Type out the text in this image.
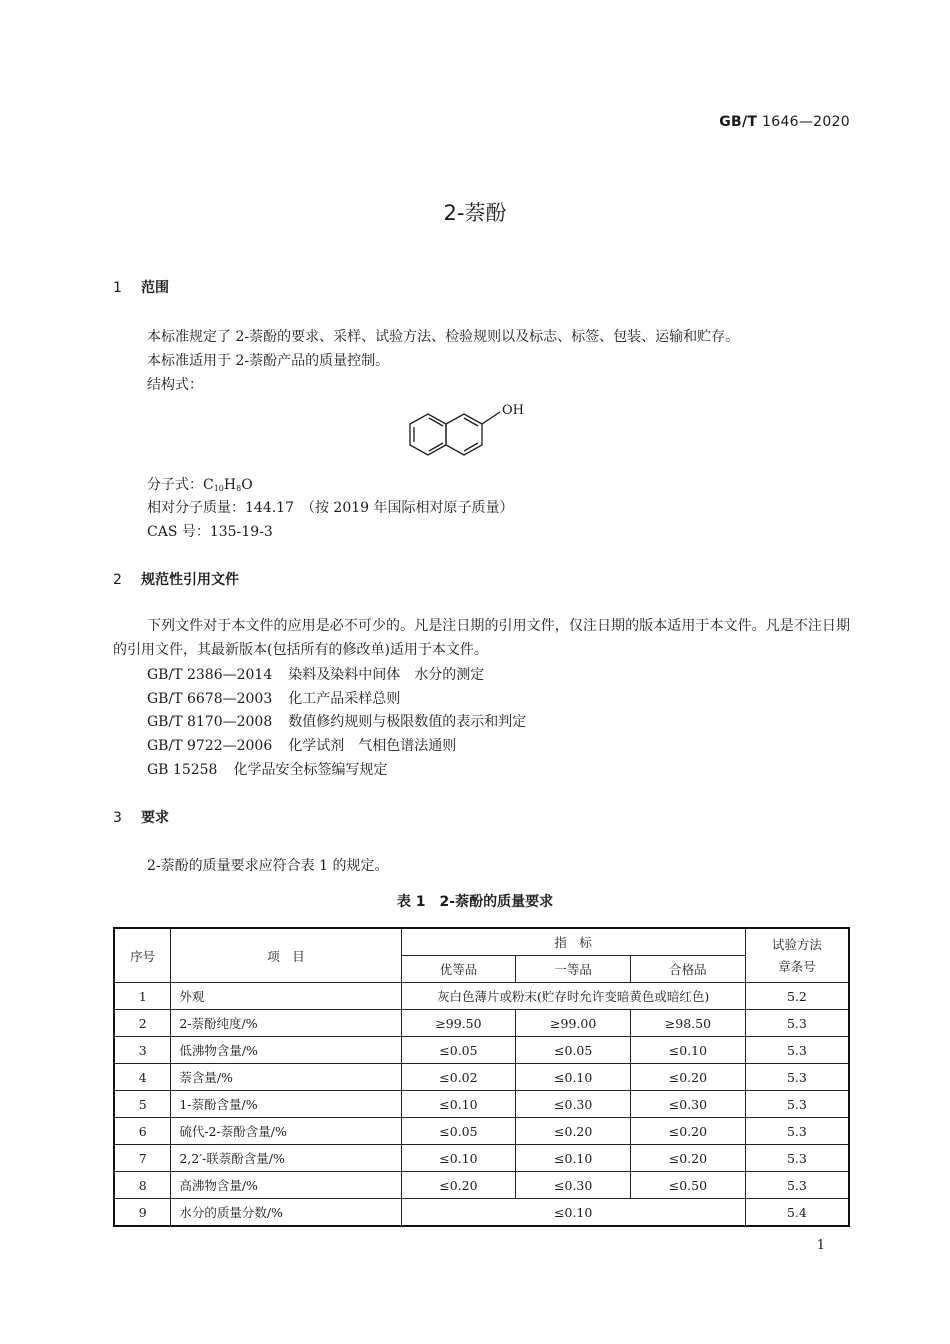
GB/T 1646—2020
2-萘酚
1 范围
本标准规定了 2-萘酚的要求、采样、试验方法、检验规则以及标志、标签、包装、运输和贮存。
本标准适用于 2-萘酚产品的质量控制。
结构式：
OH
分子式：$C_{10}H_8O$
相对分子质量：144.17　（按 2019 年国际相对原子质量）
CAS 号：135-19-3
2 规范性引用文件
下列文件对于本文件的应用是必不可少的。凡是注日期的引用文件，仅注日期的版本适用于本文件。凡是不注日期的引用文件，其最新版本(包括所有的修改单)适用于本文件。
GB/T 2386—2014 染料及染料中间体　水分的测定
GB/T 6678—2003 化工产品采样总则
GB/T 8170—2008 数值修约规则与极限数值的表示和判定
GB/T 9722—2006 化学试剂　气相色谱法通则
GB 15258 化学品安全标签编写规定
3 要求
2-萘酚的质量要求应符合表 1 的规定。
表 1　2-萘酚的质量要求
序号	项　目	指　标			试验方法
章条号

		优等品	一等品	合格品	
1	外观	灰白色薄片或粉末(贮存时允许变暗黄色或暗红色)			5.2
2	2-萘酚纯度/%	≥99.50	≥99.00	≥98.50	5.3
3	低沸物含量/%	≤0.05	≤0.05	≤0.10	5.3
4	萘含量/%	≤0.02	≤0.10	≤0.20	5.3
5	1-萘酚含量/%	≤0.10	≤0.30	≤0.30	5.3
6	硫代-2-萘酚含量/%	≤0.05	≤0.20	≤0.20	5.3
7	2,2′-联萘酚含量/%	≤0.10	≤0.10	≤0.20	5.3
8	高沸物含量/%	≤0.20	≤0.30	≤0.50	5.3
9	水分的质量分数/%	≤0.10			5.4
1
